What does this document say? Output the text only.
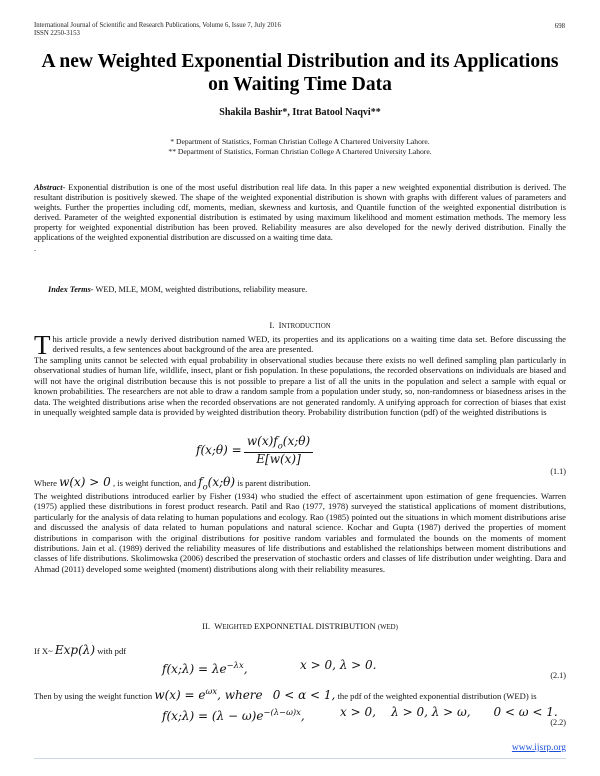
International Journal of Scientific and Research Publications, Volume 6, Issue 7, July 2016
ISSN 2250-3153
698
A new Weighted Exponential Distribution and its Applications on Waiting Time Data
Shakila Bashir*, Itrat Batool Naqvi**
* Department of Statistics, Forman Christian College A Chartered University Lahore.
** Department of Statistics, Forman Christian College A Chartered University Lahore.
Abstract- Exponential distribution is one of the most useful distribution real life data. In this paper a new weighted exponential distribution is derived. The resultant distribution is positively skewed. The shape of the weighted exponential distribution is shown with graphs with different values of parameters and weights. Further the properties including cdf, moments, median, skewness and kurtosis, and Quantile function of the weighted exponential distribution is derived. Parameter of the weighted exponential distribution is estimated by using maximum likelihood and moment estimation methods. The memory less property for weighted exponential distribution has been proved. Reliability measures are also developed for the newly derived distribution. Finally the applications of the weighted exponential distribution are discussed on a waiting time data.
.
Index Terms- WED, MLE, MOM, weighted distributions, reliability measure.
I. INTRODUCTION
This article provide a newly derived distribution named WED, its properties and its applications on a waiting time data set. Before discussing the derived results, a few sentences about background of the area are presented.
The sampling units cannot be selected with equal probability in observational studies because there exists no well defined sampling plan particularly in observational studies of human life, wildlife, insect, plant or fish population. In these populations, the recorded observations on individuals are biased and will not have the original distribution because this is not possible to prepare a list of all the units in the population and select a sample with equal or known probabilities. The researchers are not able to draw a random sample from a population under study, so, non-randomness or biasedness arises in the data. The weighted distributions arise when the recorded observations are not generated randomly. A unifying approach for correction of biases that exist in unequally weighted sample data is provided by weighted distribution theory. Probability distribution function (pdf) of the weighted distributions is
f(x;θ) = $\frac{w(x)f_o(x;\theta)}{E[w(x)]}$
(1.1)
Where w(x) > 0 , is weight function, and $f_o(x;\theta)$ is parent distribution.
The weighted distributions introduced earlier by Fisher (1934) who studied the effect of ascertainment upon estimation of gene frequencies. Warren (1975) applied these distributions in forest product research. Patil and Rao (1977, 1978) surveyed the statistical applications of moment distributions, particularly for the analysis of data relating to human populations and ecology. Rao (1985) pointed out the situations in which moment distributions arise and discussed the analysis of data related to human populations and natural science. Kochar and Gupta (1987) derived the properties of moment distributions in comparison with the original distributions for positive random variables and formulated the bounds on the moments of moment distributions. Jain et al. (1989) derived the reliability measures of life distributions and established the relationships between moment distributions and classes of life distributions. Skolimowska (2006) described the preservation of stochastic orders and classes of life distribution under weighting. Dara and Ahmad (2011) developed some weighted (moment) distributions along with their reliability measures.
II. WEIGHTED EXPONNETIAL DISTRIBUTION (WED)
If X~ Exp(λ) with pdf
f(x;λ) = $\lambda e^{-\lambda x}$,	x > 0, λ > 0.
(2.1)
Then by using the weight function $w(x) = e^{\omega x}$, where 0 < α < 1, the pdf of the weighted exponential distribution (WED) is
f(x;λ) = $(\lambda - \omega)e^{-(\lambda-\omega)x}$,	x > 0,    λ > 0, λ > ω,      0 < ω < 1.
(2.2)
www.ijsrp.org
